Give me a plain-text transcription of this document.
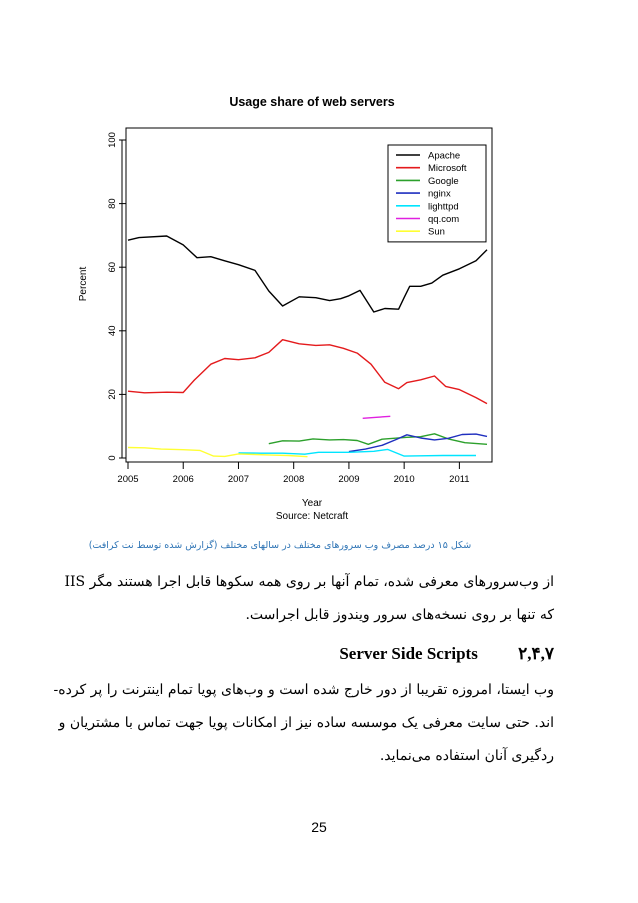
Usage share of web servers
Percent
Year
Source: Netcraft
0
20
40
60
80
100
2005	2006	2007	2008	2009	2010	2011
Apache
Microsoft
Google
nginx
lighttpd
qq.com
Sun
شکل ۱۵ درصد مصرف وب سرورهای مختلف در سالهای مختلف (گزارش شده توسط نت کرافت)
از وب‌سرورهای معرفی شده، تمام آنها بر روی همه سکوها قابل اجرا هستند مگر IIS
که تنها بر روی نسخه‌های سرور ویندوز قابل اجراست.
۲,۴,۷ Server Side Scripts
وب ایستا، امروزه تقریبا از دور خارج شده است و وب‌های پویا تمام اینترنت را پر کرده-
اند. حتی سایت معرفی یک موسسه ساده نیز از امکانات پویا جهت تماس با مشتریان و
ردگیری آنان استفاده می‌نماید.
25
